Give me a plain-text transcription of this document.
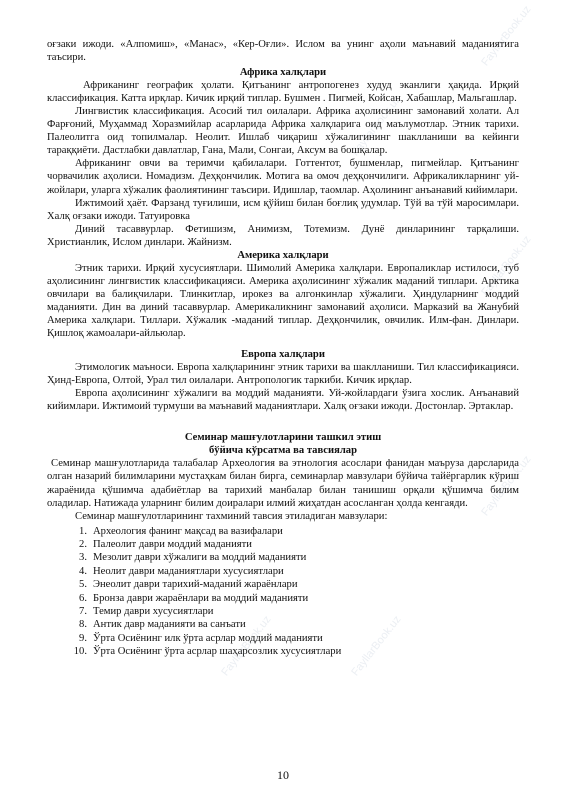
FayllarBook.uz
FayllarBook.uz
FayllarBook.uz
FayllarBook.uz
FayllarBook.uz
FayllarBook.uz

оғзаки ижоди. «Алпомиш», «Манас», «Кер-Оғли». Ислом ва унинг аҳоли маънавий маданиятига таъсири.

Африка халқлари

Африканинг географик ҳолати. Қитъанинг антропогенез худуд эканлиги ҳақида. Ирқий классификация. Катта ирқлар. Кичик ирқий типлар. Бушмен . Пигмей, Койсан, Хабашлар, Мальгашлар.

Лингвистик классификация. Асосий тил оилалари. Африка аҳолисининг замонавий холати. Ал Фарғоний, Муҳаммад Хоразмийлар асарларида Африка халқларига оид маълумотлар. Этник тарихи. Палеолитга оид топилмалар. Неолит. Ишлаб чиқариш хўжалигининг шаклланиши ва кейинги тараққиёти. Дастлабки давлатлар, Гана, Мали, Сонгаи, Аксум ва бошқалар.

Африканинг овчи ва теримчи қабилалари. Готтентот, бушменлар, пигмейлар. Қитъанинг чорвачилик аҳолиси. Номадизм. Деҳқончилик. Мотига ва омоч деҳқончилиги. Африкаликларнинг уй-жойлари, уларга хўжалик фаолиятининг таъсири. Идишлар, таомлар. Аҳолининг анъанавий кийимлари.

Ижтимоий ҳаёт. Фарзанд туғилиши, исм қўйиш билан боғлиқ удумлар. Тўй ва тўй маросимлари. Халқ оғзаки ижоди. Татуировка

Диний тасаввурлар. Фетишизм, Анимизм, Тотемизм. Дунё динларининг тарқалиши. Христианлик, Ислом динлари. Жайнизм.

Америка халқлари

Этник тарихи. Ирқий хусусиятлари. Шимолий Америка халқлари. Европаликлар истилоси, туб аҳолисининг лингвистик классификацияси. Америка аҳолисининг хўжалик маданий типлари. Арктика овчилари ва балиқчилари. Тлинкитлар, ирокез ва алгонкинлар хўжалиги. Ҳиндуларнинг моддий маданияти. Дин ва диний тасаввурлар. Америкаликнинг замонавий аҳолиси. Марказий ва Жанубий Америка халқлари. Тиллари. Хўжалик -маданий типлар. Деҳқончилик, овчилик. Илм-фан. Динлари. Қишлоқ жамоалари-айльюлар.

Европа халқлари

Этимологик маъноси. Европа халқларининг этник тарихи ва шаклланиши. Тил классификацияси. Ҳинд-Европа, Олтой, Урал тил оилалари. Антропологик таркиби. Кичик ирқлар.

Европа аҳолисининг хўжалиги ва моддий маданияти. Уй-жойлардаги ўзига хослик. Анъанавий кийимлари. Ижтимоий турмуши ва маънавий маданиятлари. Халқ оғзаки ижоди. Достонлар. Эртаклар.

Семинар машғулотларини ташкил этиш

бўйича кўрсатма ва тавсиялар

Семинар машғулотларида талабалар Археология ва этнология асослари фанидан маъруза дарсларида олган назарий билимларини мустаҳкам билан бирга, семинарлар мавзулари бўйича тайёргарлик кўриш жараёнида қўшимча адабиётлар ва тарихий манбалар билан танишиш орқали қўшимча билим оладилар. Натижада уларнинг билим доиралари илмий жиҳатдан асосланган ҳолда кенгаяди.

Семинар машғулотларининг тахминий тавсия этиладиган мавзулари:

1. Археология фанинг мақсад ва вазифалари
2. Палеолит даври моддий маданияти
3. Мезолит даври хўжалиги ва моддий маданияти
4. Неолит даври маданиятлари хусусиятлари
5. Энеолит даври тарихий-маданий жараёнлари
6. Бронза даври жараёнлари ва моддий маданияти
7. Темир даври хусусиятлари
8. Антик давр маданияти ва санъати
9. Ўрта Осиёнинг илк ўрта асрлар моддий маданияти
10. Ўрта Осиёнинг ўрта асрлар шаҳарсозлик хусусиятлари
10
